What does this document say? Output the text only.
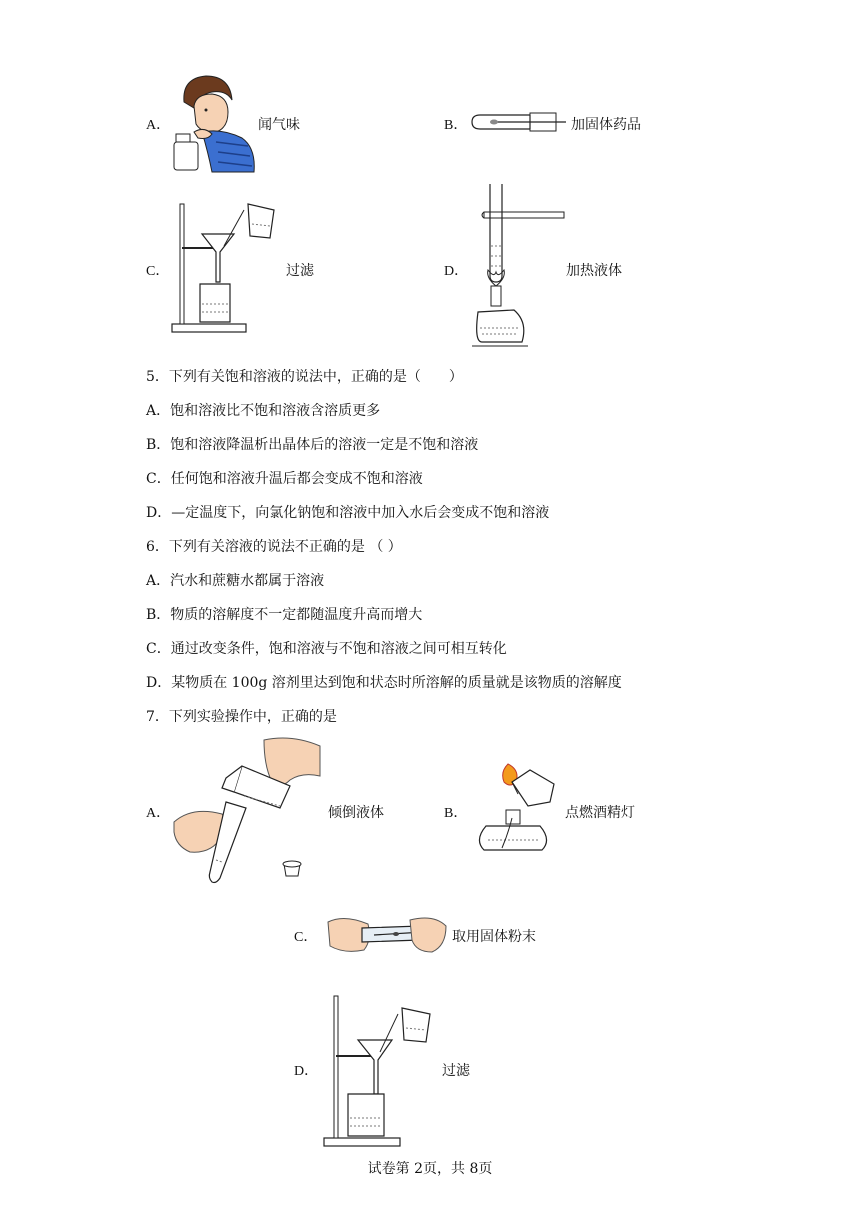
A．	闻气味	B．	加固体药品
C．	过滤	D．	加热液体
5．下列有关饱和溶液的说法中，正确的是（　　）
A．饱和溶液比不饱和溶液含溶质更多
B．饱和溶液降温析出晶体后的溶液一定是不饱和溶液
C．任何饱和溶液升温后都会变成不饱和溶液
D．—定温度下，向氯化钠饱和溶液中加入水后会变成不饱和溶液
6．下列有关溶液的说法不正确的是 （ ）
A．汽水和蔗糖水都属于溶液
B．物质的溶解度不一定都随温度升高而增大
C．通过改变条件，饱和溶液与不饱和溶液之间可相互转化
D．某物质在 100g 溶剂里达到饱和状态时所溶解的质量就是该物质的溶解度
7．下列实验操作中，正确的是
A．	倾倒液体	B．	点燃酒精灯
C．	取用固体粉末
D．	过滤
试卷第 2页，共 8页
